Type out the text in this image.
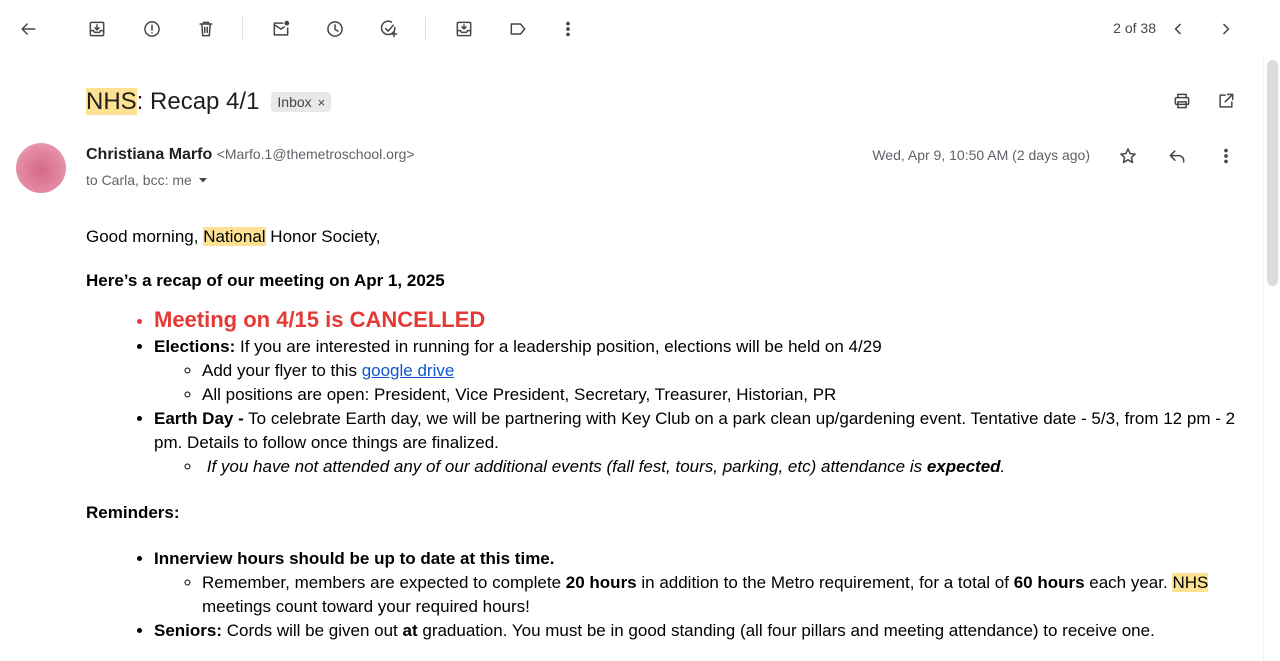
2 of 38
NHS: Recap 4/1 Inbox ×
Christiana Marfo <Marfo.1@themetroschool.org>
to Carla, bcc: me
Wed, Apr 9, 10:50 AM (2 days ago)

Good morning, National Honor Society,

Here’s a recap of our meeting on Apr 1, 2025

• Meeting on 4/15 is CANCELLED
• Elections: If you are interested in running for a leadership position, elections will be held on 4/29
◦ Add your flyer to this google drive
◦ All positions are open: President, Vice President, Secretary, Treasurer, Historian, PR
• Earth Day - To celebrate Earth day, we will be partnering with Key Club on a park clean up/gardening event. Tentative date - 5/3, from 12 pm - 2 pm. Details to follow once things are finalized.
◦  If you have not attended any of our additional events (fall fest, tours, parking, etc) attendance is expected.

Reminders:

• Innerview hours should be up to date at this time.
◦ Remember, members are expected to complete 20 hours in addition to the Metro requirement, for a total of 60 hours each year. NHS meetings count toward your required hours!
• Seniors: Cords will be given out at graduation. You must be in good standing (all four pillars and meeting attendance) to receive one.
